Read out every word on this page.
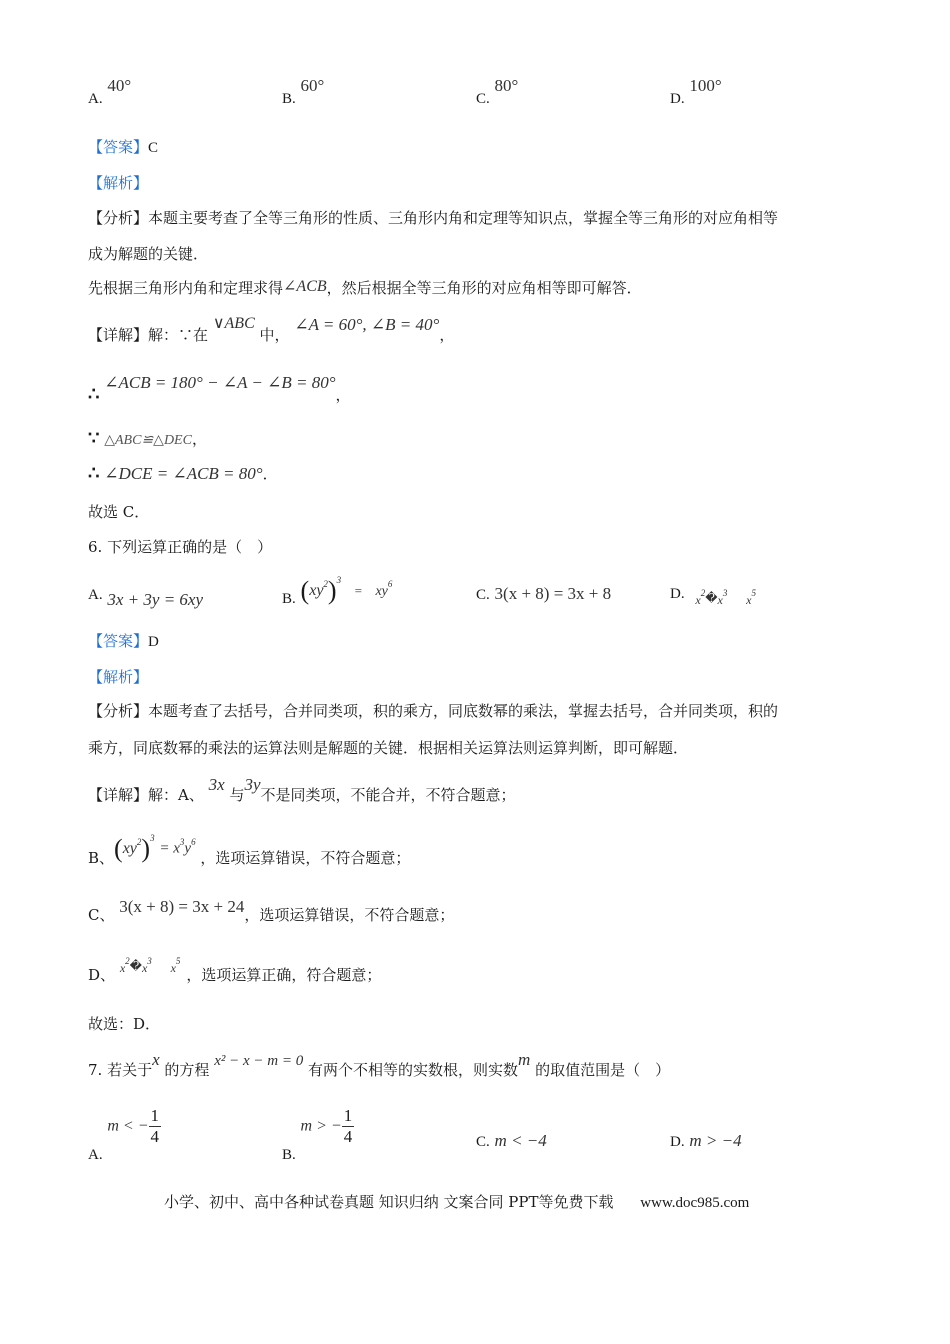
A. 40°
B. 60°
C. 80°
D. 100°
【答案】C
【解析】
【分析】本题主要考查了全等三角形的性质、三角形内角和定理等知识点，掌握全等三角形的对应角相等
成为解题的关键．
先根据三角形内角和定理求得∠ACB，然后根据全等三角形的对应角相等即可解答．
【详解】解：∵在 ∨ABC 中， ∠A = 60°, ∠B = 40°，
∴ ∠ACB = 180° − ∠A − ∠B = 80°，
∵ △ABC≌△DEC，
∴ ∠DCE = ∠ACB = 80°．
故选 C．
6. 下列运算正确的是（　）
A. 3x + 3y = 6xy	B. $(xy^2)^3 = xy^6$
C. 3(x + 8) = 3x + 8	D. $_x2_{�x}3$ $_x$5
【答案】D
【解析】
【分析】本题考查了去括号，合并同类项，积的乘方，同底数幂的乘法，掌握去括号，合并同类项，积的
乘方，同底数幂的乘法的运算法则是解题的关键．根据相关运算法则运算判断，即可解题．
【详解】解：A、 3x 与3y不是同类项，不能合并，不符合题意；
B、$(xy^2)^3 = x^3y^6$ ，选项运算错误，不符合题意；
C、 3(x + 8) = 3x + 24，选项运算错误，不符合题意；
D、 $^{x2�x3}$ $^{x5}$，选项运算正确，符合题意；
故选：D．
7. 若关于x 的方程 x² − x − m = 0 有两个不相等的实数根，则实数m 的取值范围是（　）
A. m < − $\frac{1}{4}$
B. m > − $\frac{1}{4}$	C. m < −4	D. m > −4
小学、初中、高中各种试卷真题 知识归纳 文案合同 PPT等免费下载 www.doc985.com
